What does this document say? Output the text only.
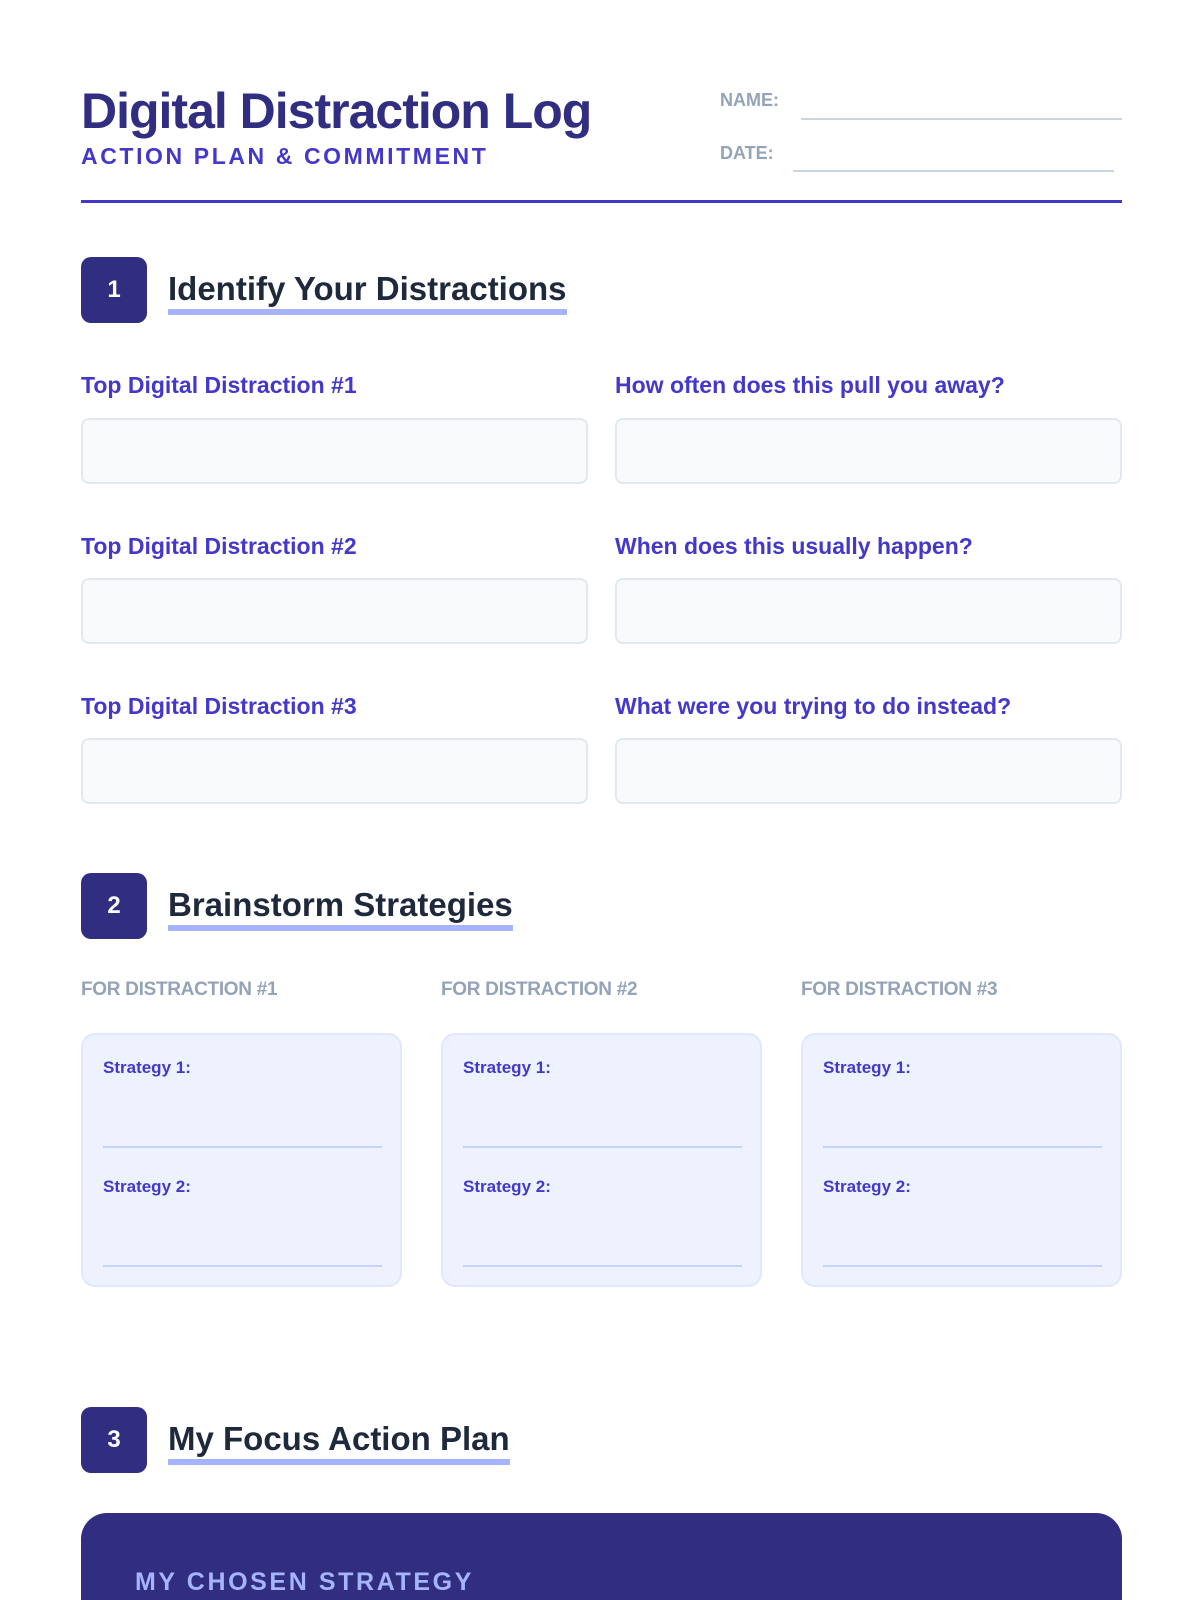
Digital Distraction Log
ACTION PLAN & COMMITMENT
NAME:
DATE:
1	Identify Your Distractions
Top Digital Distraction #1	How often does this pull you away?
Top Digital Distraction #2	When does this usually happen?
Top Digital Distraction #3	What were you trying to do instead?
2	Brainstorm Strategies
FOR DISTRACTION #1	FOR DISTRACTION #2	FOR DISTRACTION #3
Strategy 1:
Strategy 2:
Strategy 1:
Strategy 2:
Strategy 1:
Strategy 2:
3	My Focus Action Plan
MY CHOSEN STRATEGY
